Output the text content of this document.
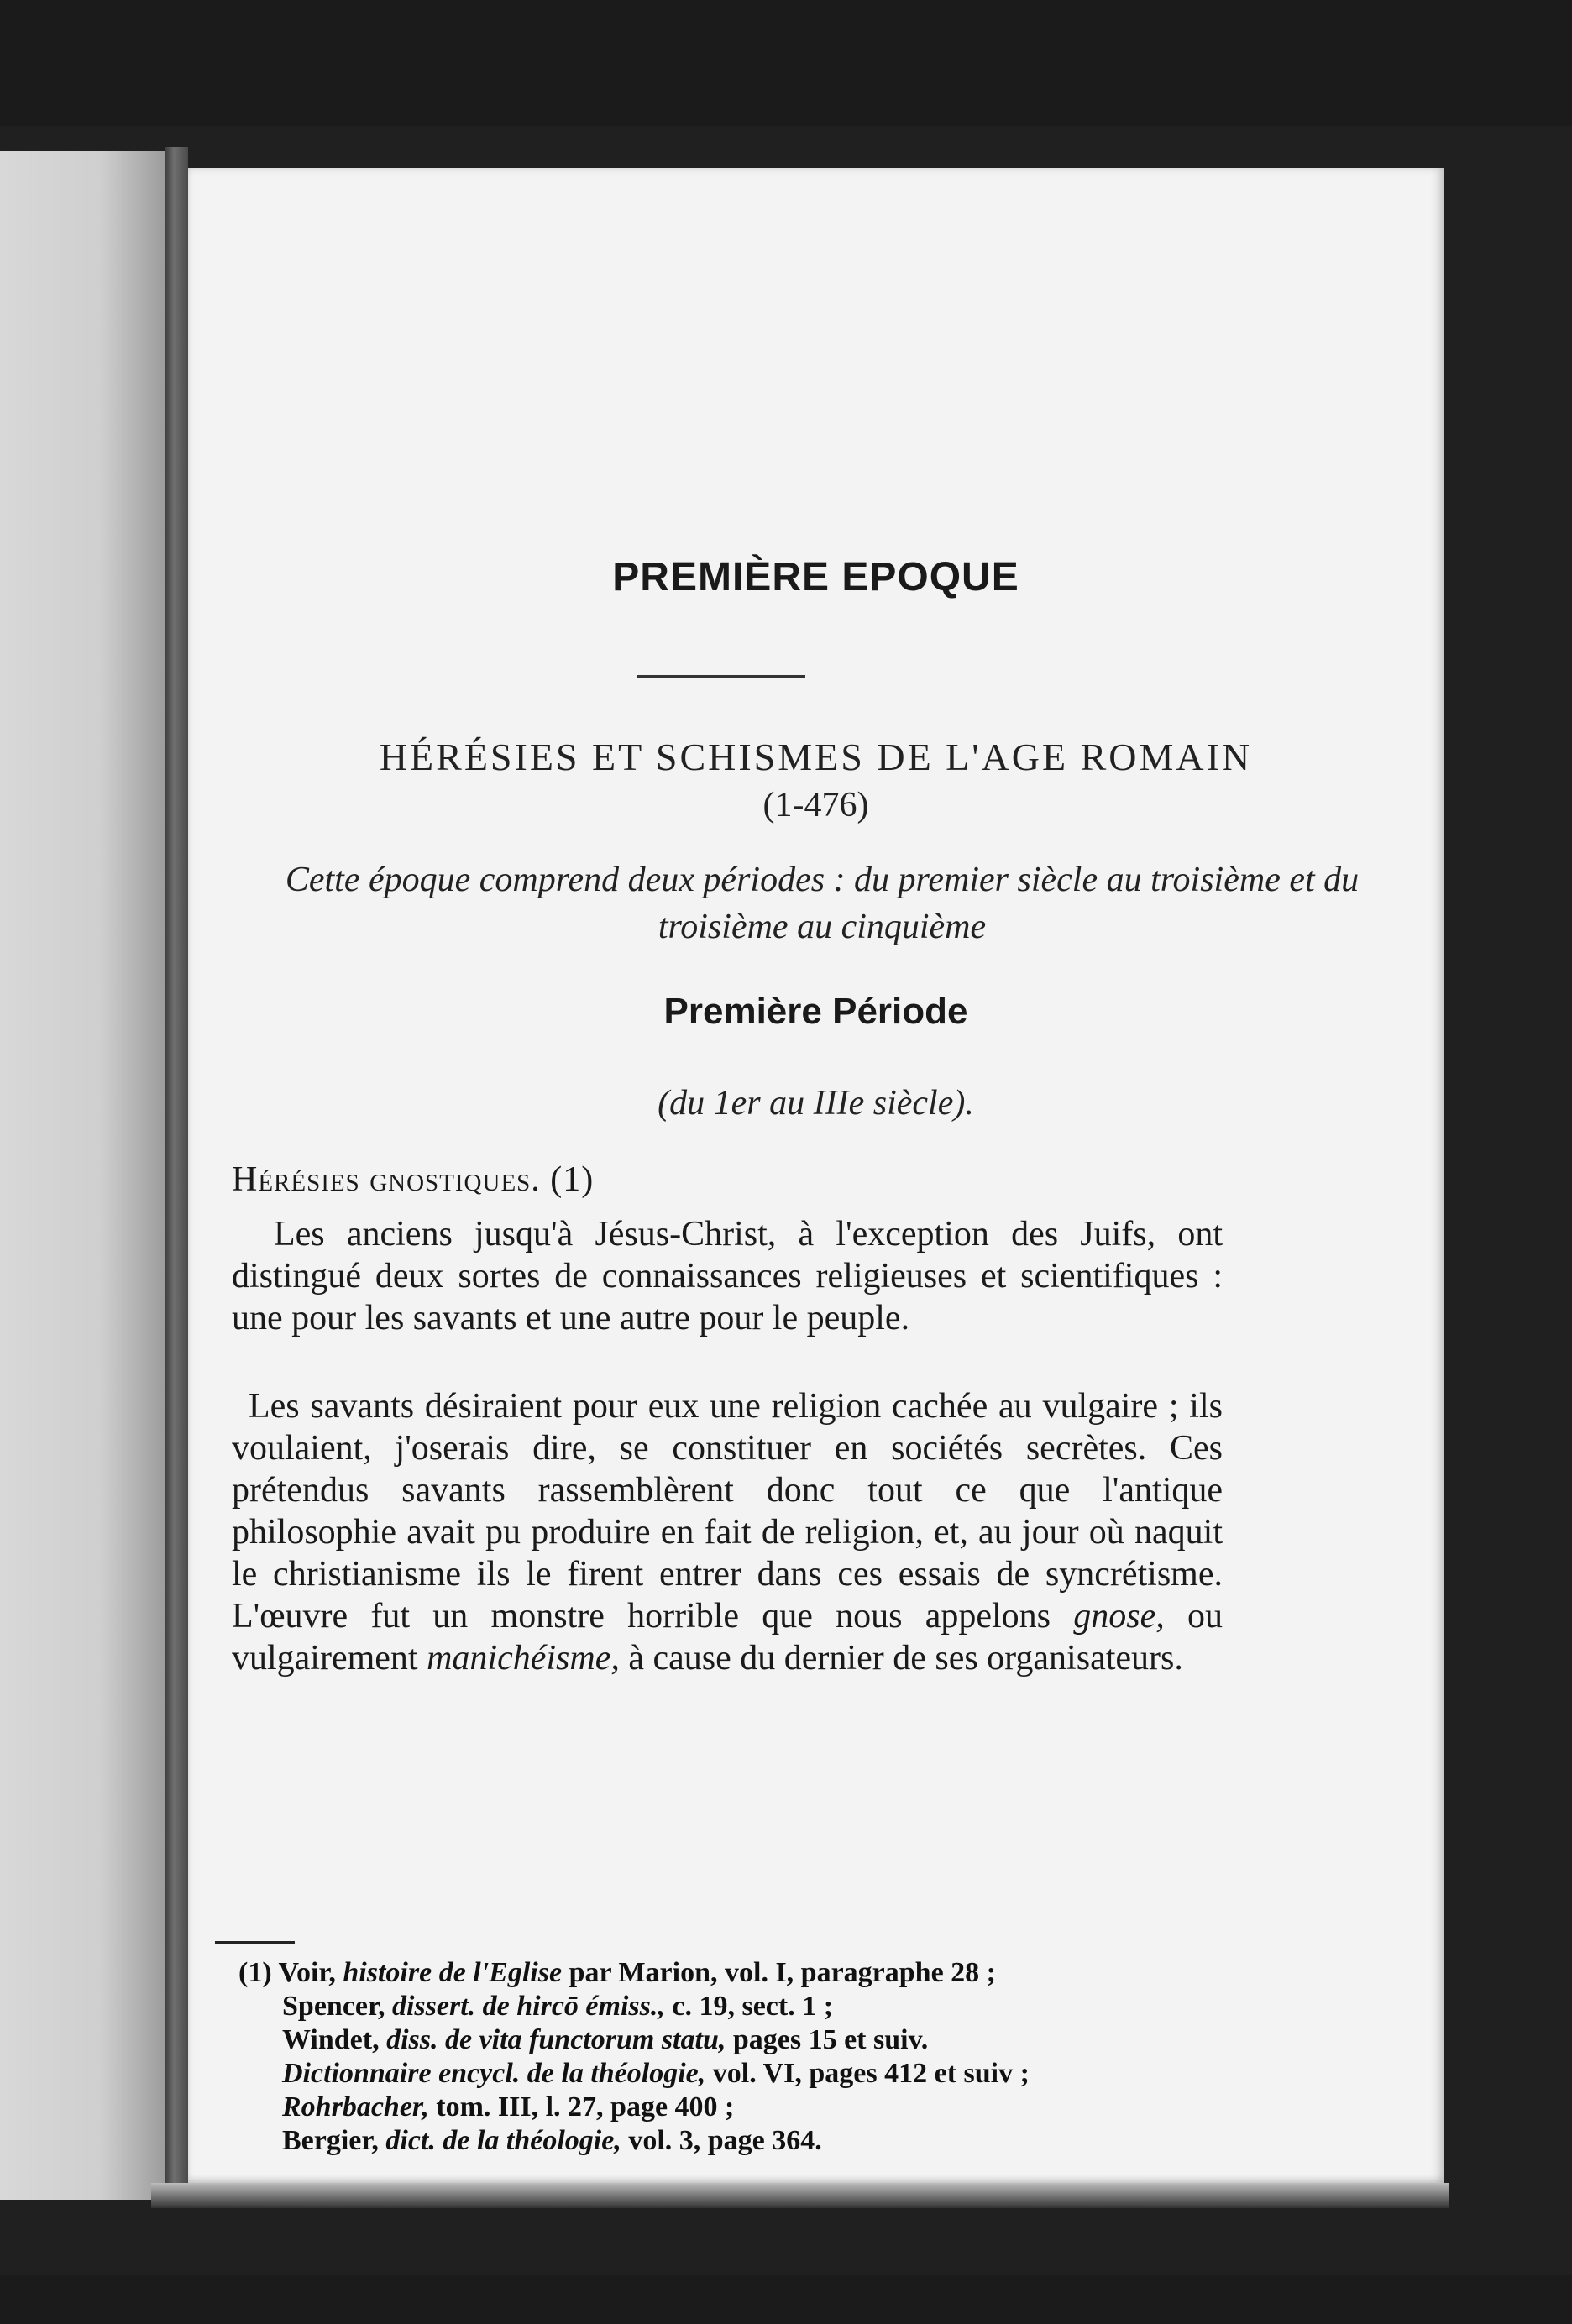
PREMIÈRE EPOQUE
HÉRÉSIES ET SCHISMES DE L'AGE ROMAIN
(1-476)
Cette époque comprend deux périodes : du premier siècle au troisième et du troisième au cinquième
Première Période
(du 1er au IIIe siècle).
Hérésies gnostiques. (1)
Les anciens jusqu'à Jésus-Christ, à l'exception des Juifs, ont distingué deux sortes de connaissances religieuses et scientifiques : une pour les savants et une autre pour le peuple.
Les savants désiraient pour eux une religion cachée au vulgaire ; ils voulaient, j'oserais dire, se constituer en sociétés secrètes. Ces prétendus savants rassemblèrent donc tout ce que l'antique philosophie avait pu produire en fait de religion, et, au jour où naquit le christianisme ils le firent entrer dans ces essais de syncrétisme. L'œuvre fut un monstre horrible que nous appelons gnose, ou vulgairement manichéisme, à cause du dernier de ses organisateurs.
(1) Voir, histoire de l'Eglise par Marion, vol. I, paragraphe 28 ;
Spencer, dissert. de hircō émiss., c. 19, sect. 1 ;
Windet, diss. de vita functorum statu, pages 15 et suiv.
Dictionnaire encycl. de la théologie, vol. VI, pages 412 et suiv ;
Rohrbacher, tom. III, l. 27, page 400 ;
Bergier, dict. de la théologie, vol. 3, page 364.
